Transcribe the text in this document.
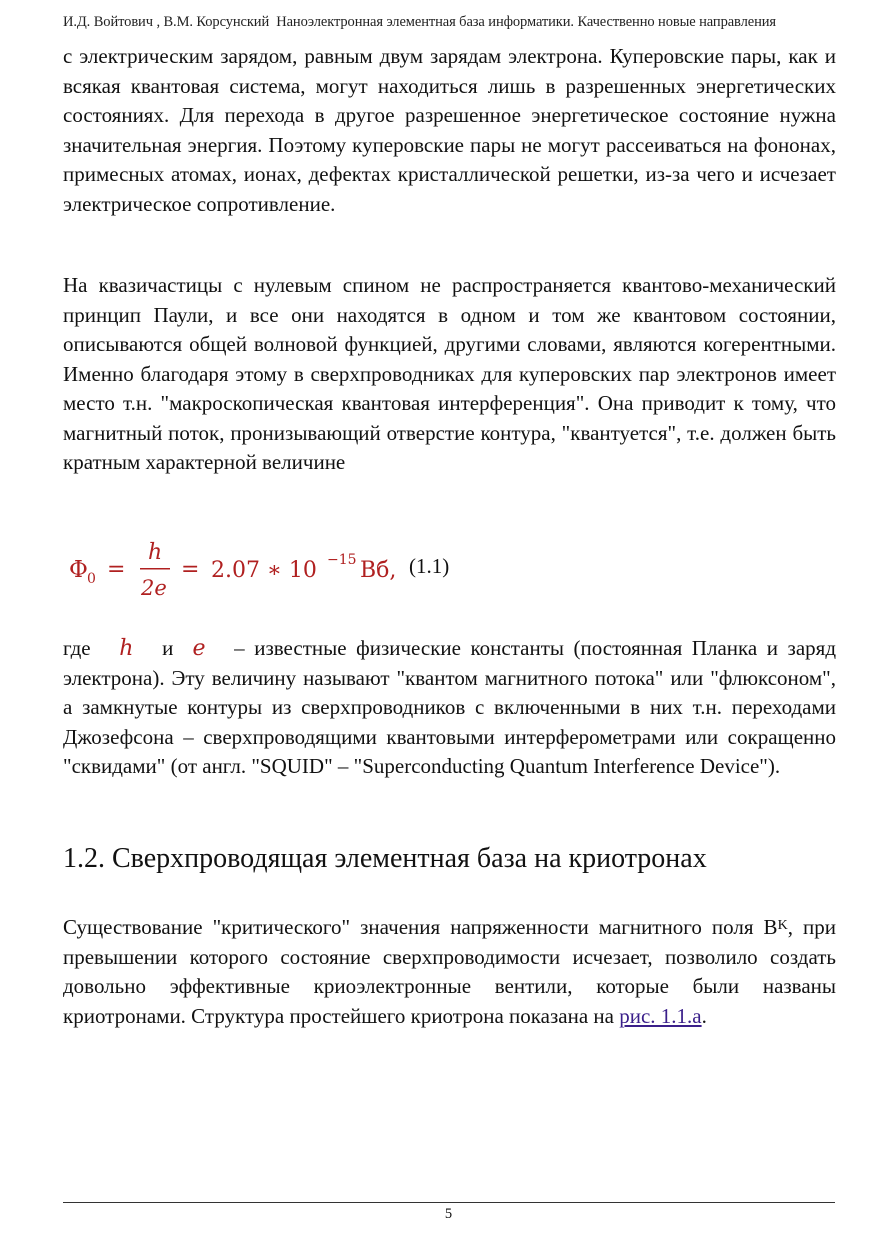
И.Д. Войтович , В.М. Корсунский Наноэлектронная элементная база информатики. Качественно новые направления
с электрическим зарядом, равным двум зарядам электрона. Куперовские пары, как и всякая квантовая система, могут находиться лишь в разрешенных энергетических состояниях. Для перехода в другое разрешенное энергетическое состояние нужна значительная энергия. Поэтому куперовские пары не могут рассеиваться на фононах, примесных атомах, ионах, дефектах кристаллической решетки, из-за чего и исчезает электрическое сопротивление.
На квазичастицы с нулевым спином не распространяется квантово-механический принцип Паули, и все они находятся в одном и том же квантовом состоянии, описываются общей волновой функцией, другими словами, являются когерентными. Именно благодаря этому в сверхпроводниках для куперовских пар электронов имеет место т.н. "макроскопическая квантовая интерференция". Она приводит к тому, что магнитный поток, пронизывающий отверстие контура, "квантуется", т.е. должен быть кратным характерной величине
Φ 0 =
h
2e
= 2.07 ∗ 10 −15 Вб, (1.1)
где h и e – известные физические константы (постоянная Планка и заряд электрона). Эту величину называют "квантом магнитного потока" или "флюксоном", а замкнутые контуры из сверхпроводников с включенными в них т.н. переходами Джозефсона – сверхпроводящими квантовыми интерферометрами или сокращенно "сквидами" (от англ. "SQUID" – "Superconducting Quantum Interference Device").
1.2. Сверхпроводящая элементная база на криотронах
Существование "критического" значения напряженности магнитного поля $B^K$, при превышении которого состояние сверхпроводимости исчезает, позволило создать довольно эффективные криоэлектронные вентили, которые были названы криотронами. Структура простейшего криотрона показана на рис. 1.1.а.
5
